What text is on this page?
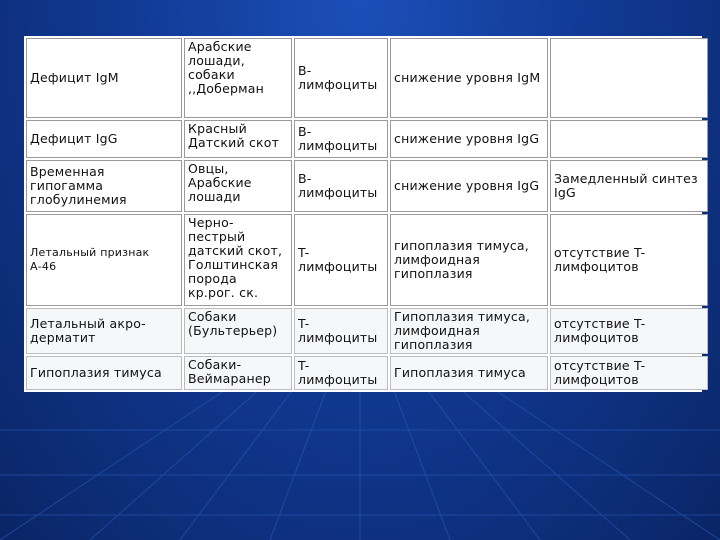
Дефицит IgM	Арабские лошади, собаки ,,Доберман	B-лимфоциты	снижение уровня IgM	
Дефицит IgG	Красный Датский скот	B-лимфоциты	снижение уровня IgG	
Временная гипогамма глобулинемия	Овцы, Арабские лошади	B-лимфоциты	снижение уровня IgG	Замедленный синтез IgG
Летальный признак А-46	Черно-пестрый датский скот, Голштинская порода кр.рог. ск.	T-лимфоциты	гипоплазия тимуса, лимфоидная гипоплазия	отсутствие T-лимфоцитов
Летальный акро-дерматит	Собаки (Бультерьер)	T-лимфоциты	Гипоплазия тимуса, лимфоидная гипоплазия	отсутствие T-лимфоцитов
Гипоплазия тимуса	Собаки-Веймаранер	T-лимфоциты	Гипоплазия тимуса	отсутствие T-лимфоцитов
